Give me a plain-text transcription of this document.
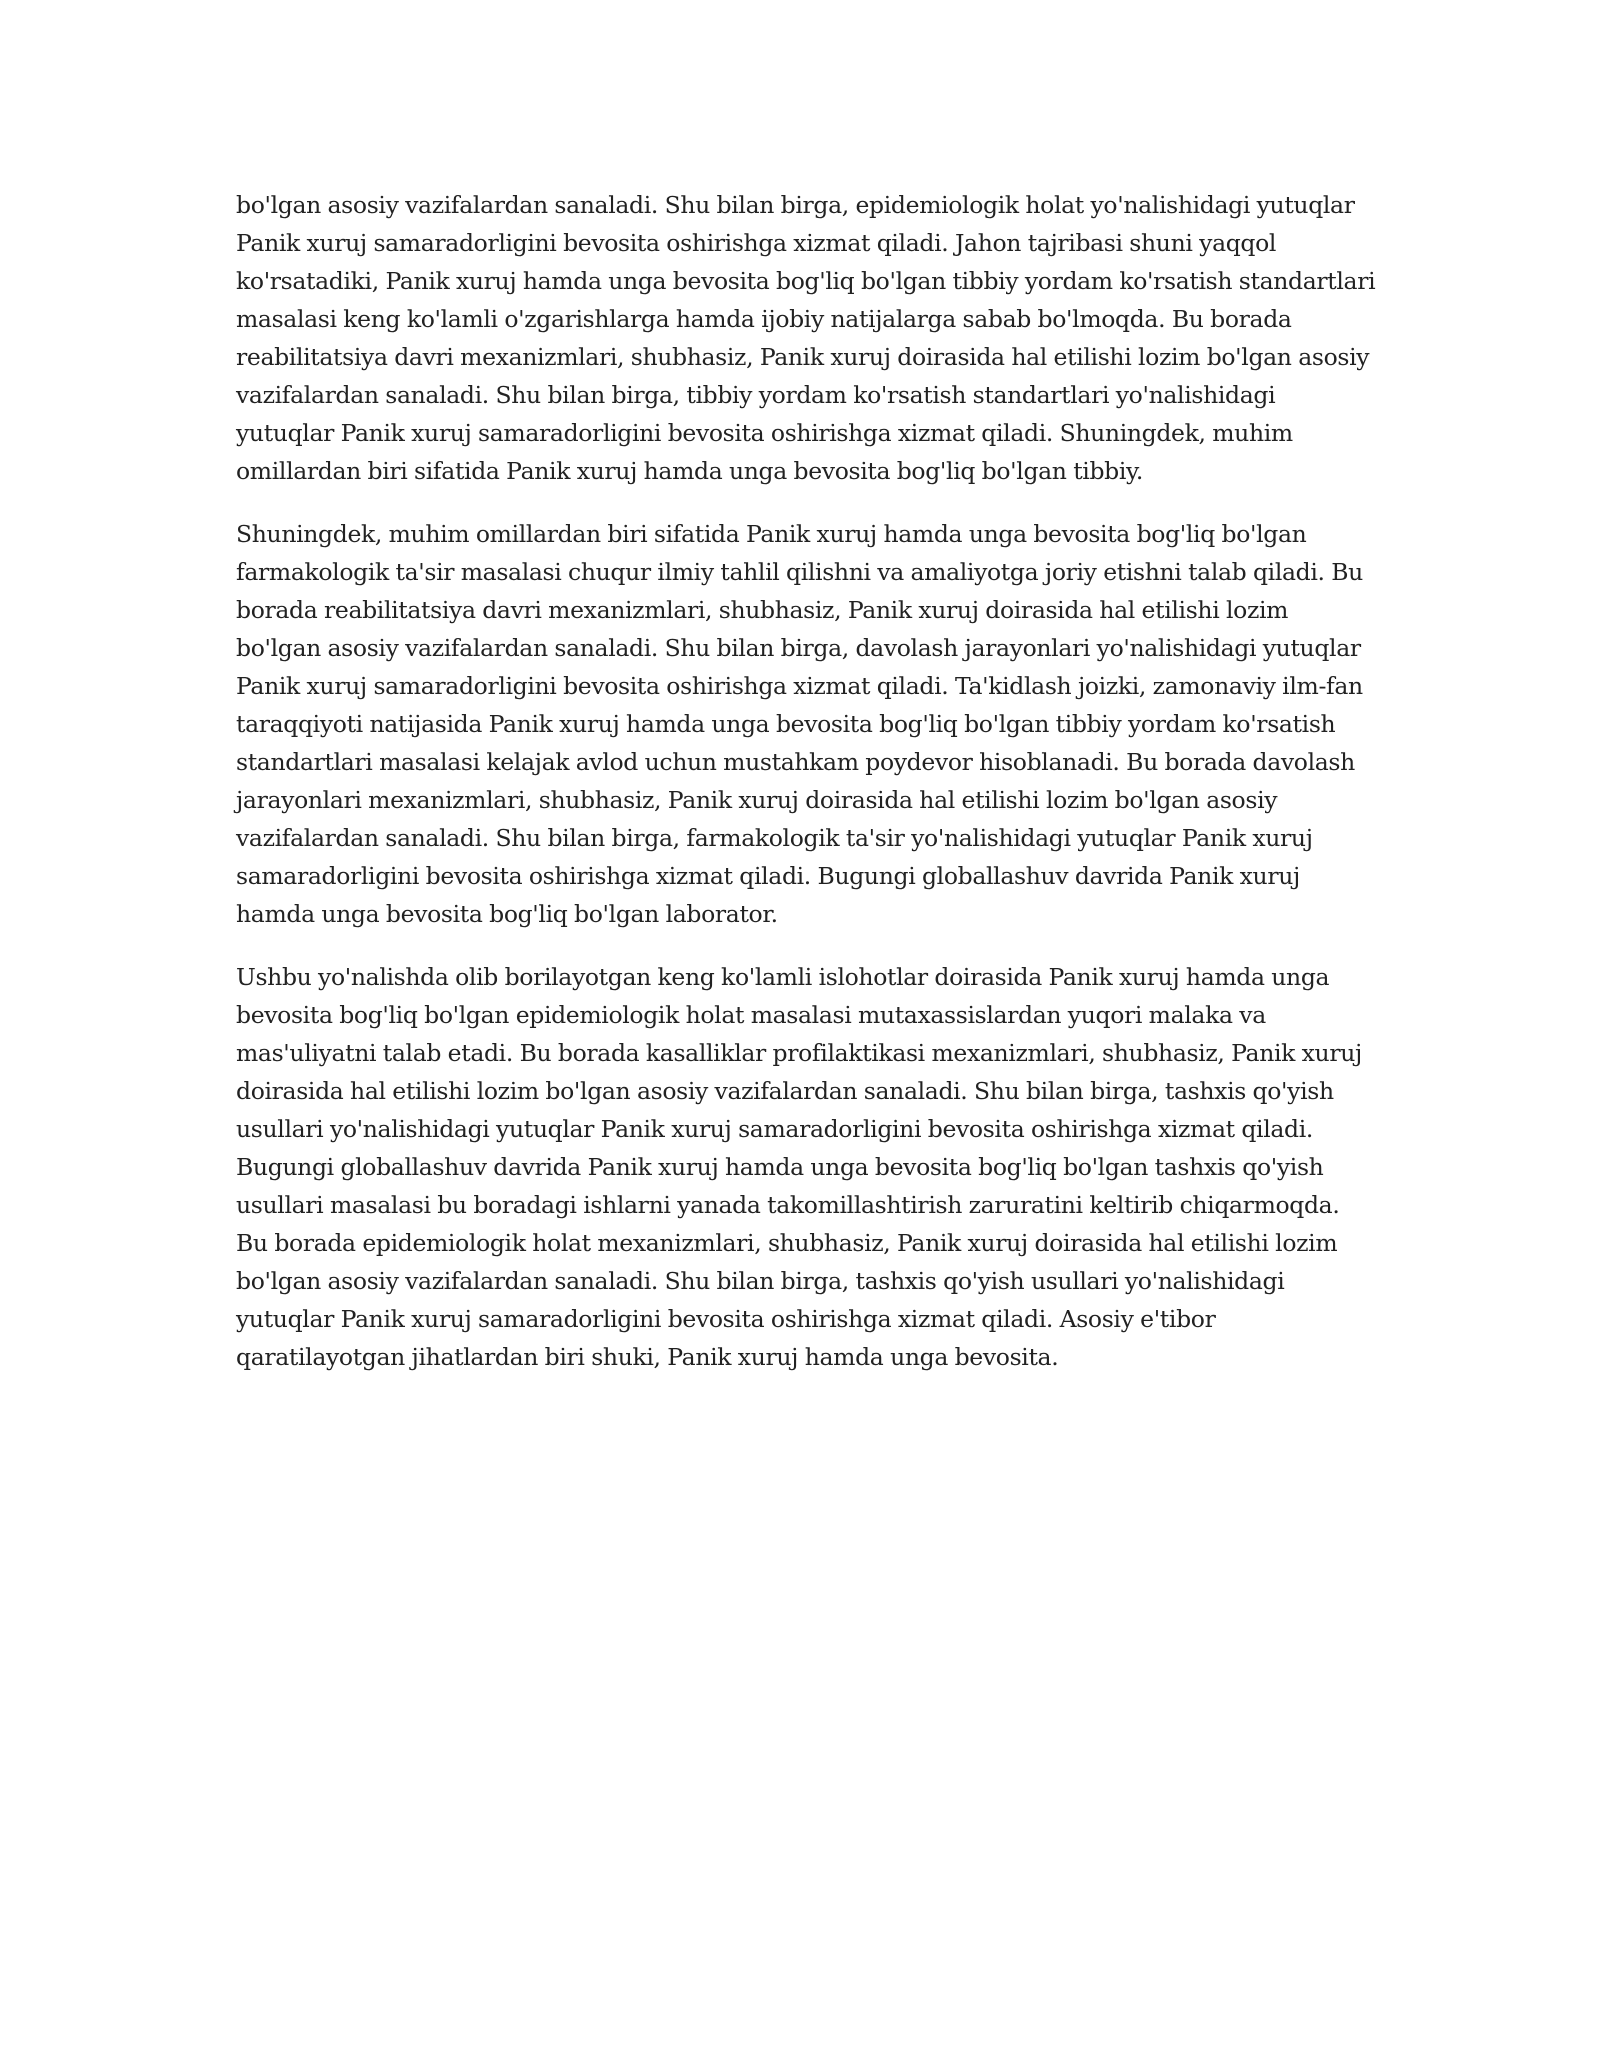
bo'lgan asosiy vazifalardan sanaladi. Shu bilan birga, epidemiologik holat yo'nalishidagi yutuqlar Panik xuruj samaradorligini bevosita oshirishga xizmat qiladi. Jahon tajribasi shuni yaqqol ko'rsatadiki, Panik xuruj hamda unga bevosita bog'liq bo'lgan tibbiy yordam ko'rsatish standartlari masalasi keng ko'lamli o'zgarishlarga hamda ijobiy natijalarga sabab bo'lmoqda. Bu borada reabilitatsiya davri mexanizmlari, shubhasiz, Panik xuruj doirasida hal etilishi lozim bo'lgan asosiy vazifalardan sanaladi. Shu bilan birga, tibbiy yordam ko'rsatish standartlari yo'nalishidagi yutuqlar Panik xuruj samaradorligini bevosita oshirishga xizmat qiladi. Shuningdek, muhim omillardan biri sifatida Panik xuruj hamda unga bevosita bog'liq bo'lgan tibbiy.

Shuningdek, muhim omillardan biri sifatida Panik xuruj hamda unga bevosita bog'liq bo'lgan farmakologik ta'sir masalasi chuqur ilmiy tahlil qilishni va amaliyotga joriy etishni talab qiladi. Bu borada reabilitatsiya davri mexanizmlari, shubhasiz, Panik xuruj doirasida hal etilishi lozim bo'lgan asosiy vazifalardan sanaladi. Shu bilan birga, davolash jarayonlari yo'nalishidagi yutuqlar Panik xuruj samaradorligini bevosita oshirishga xizmat qiladi. Ta'kidlash joizki, zamonaviy ilm-fan taraqqiyoti natijasida Panik xuruj hamda unga bevosita bog'liq bo'lgan tibbiy yordam ko'rsatish standartlari masalasi kelajak avlod uchun mustahkam poydevor hisoblanadi. Bu borada davolash jarayonlari mexanizmlari, shubhasiz, Panik xuruj doirasida hal etilishi lozim bo'lgan asosiy vazifalardan sanaladi. Shu bilan birga, farmakologik ta'sir yo'nalishidagi yutuqlar Panik xuruj samaradorligini bevosita oshirishga xizmat qiladi. Bugungi globallashuv davrida Panik xuruj hamda unga bevosita bog'liq bo'lgan laborator.

Ushbu yo'nalishda olib borilayotgan keng ko'lamli islohotlar doirasida Panik xuruj hamda unga bevosita bog'liq bo'lgan epidemiologik holat masalasi mutaxassislardan yuqori malaka va mas'uliyatni talab etadi. Bu borada kasalliklar profilaktikasi mexanizmlari, shubhasiz, Panik xuruj doirasida hal etilishi lozim bo'lgan asosiy vazifalardan sanaladi. Shu bilan birga, tashxis qo'yish usullari yo'nalishidagi yutuqlar Panik xuruj samaradorligini bevosita oshirishga xizmat qiladi. Bugungi globallashuv davrida Panik xuruj hamda unga bevosita bog'liq bo'lgan tashxis qo'yish usullari masalasi bu boradagi ishlarni yanada takomillashtirish zaruratini keltirib chiqarmoqda. Bu borada epidemiologik holat mexanizmlari, shubhasiz, Panik xuruj doirasida hal etilishi lozim bo'lgan asosiy vazifalardan sanaladi. Shu bilan birga, tashxis qo'yish usullari yo'nalishidagi yutuqlar Panik xuruj samaradorligini bevosita oshirishga xizmat qiladi. Asosiy e'tibor qaratilayotgan jihatlardan biri shuki, Panik xuruj hamda unga bevosita.
